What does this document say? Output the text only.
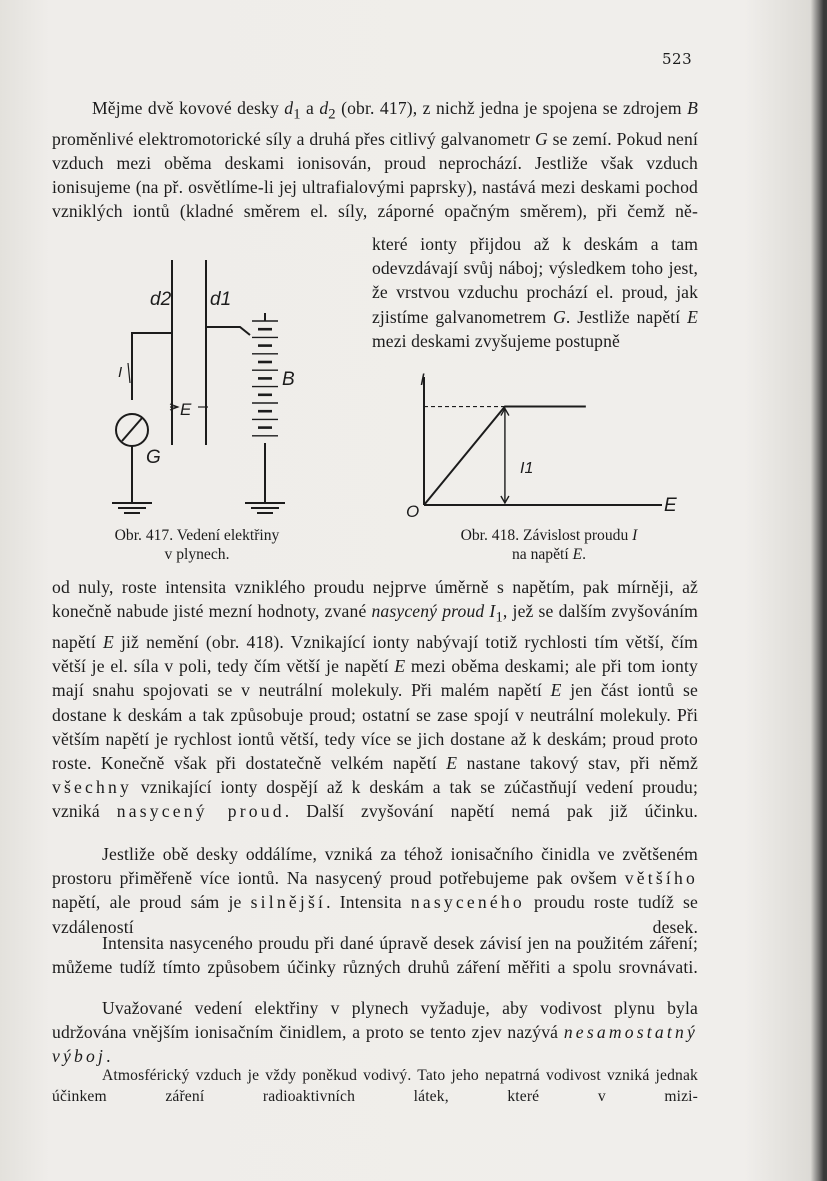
523
Mějme dvě kovové desky $d_1$ a $d_2$ (obr. 417), z nichž jedna je spojena se zdrojem B proměnlivé elektromotorické síly a druhá přes citlivý galvanometr G se zemí. Pokud není vzduch mezi oběma deskami ionisován, proud neprochází. Jestliže však vzduch ionisujeme (na př. osvětlíme-li jej ultrafialovými paprsky), nastává mezi deskami pochod vzniklých iontů (kladné směrem el. síly, záporné opačným směrem), při čemž ně-
které ionty přijdou až k deskám a tam odevzdávají svůj náboj; výsledkem toho jest, že vrstvou vzduchu prochází el. proud, jak zjistíme galvanometrem G. Jestliže napětí E mezi deskami zvyšujeme postupně
d2 d1
B
E
G
I
Obr. 417. Vedení elektřiny
v plynech.
I
I1
O	E
Obr. 418. Závislost proudu I
na napětí E.
od nuly, roste intensita vzniklého proudu nejprve úměrně s napětím, pak mírněji, až konečně nabude jisté mezní hodnoty, zvané nasycený proud $I_1$, jež se dalším zvyšováním napětí E již nemění (obr. 418). Vznikající ionty nabývají totiž rychlosti tím větší, čím větší je el. síla v poli, tedy čím větší je napětí E mezi oběma deskami; ale při tom ionty mají snahu spojovati se v neutrální molekuly. Při malém napětí E jen část iontů se dostane k deskám a tak způsobuje proud; ostatní se zase spojí v neutrální molekuly. Při větším napětí je rychlost iontů větší, tedy více se jich dostane až k deskám; proud proto roste. Konečně však při dostatečně velkém napětí E nastane takový stav, při němž všechny vznikající ionty dospějí až k deskám a tak se zúčastňují vedení proudu; vzniká nasycený proud. Další zvyšování napětí nemá pak již účinku.
Jestliže obě desky oddálíme, vzniká za téhož ionisačního činidla ve zvětšeném prostoru přiměřeně více iontů. Na nasycený proud potřebujeme pak ovšem většího napětí, ale proud sám je silnější. Intensita nasyceného proudu roste tudíž se vzdáleností desek.
Intensita nasyceného proudu při dané úpravě desek závisí jen na použitém záření; můžeme tudíž tímto způsobem účinky různých druhů záření měřiti a spolu srovnávati.
Uvažované vedení elektřiny v plynech vyžaduje, aby vodivost plynu byla udržována vnějším ionisačním činidlem, a proto se tento zjev nazývá nesamostatný výboj.
Atmosférický vzduch je vždy poněkud vodivý. Tato jeho nepatrná vodivost vzniká jednak účinkem záření radioaktivních látek, které v mizi-
